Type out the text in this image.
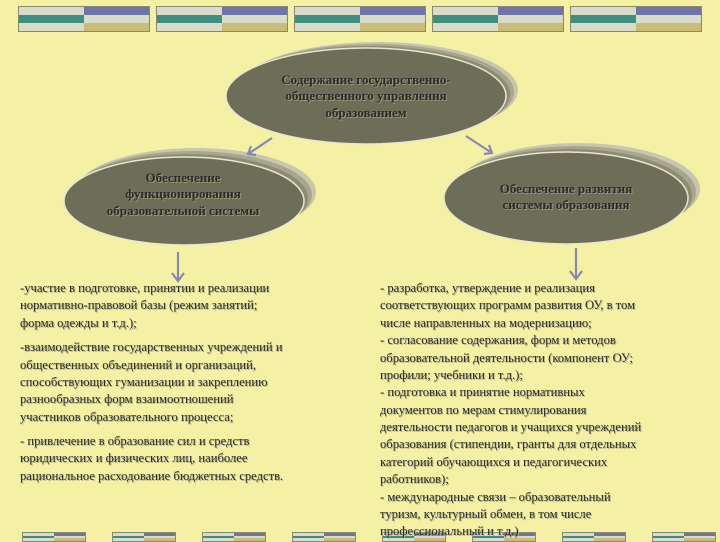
Содержание государственно-
общественного управления
образованием
Обеспечение
функционирования
образовательной системы
Обеспечение развития
системы образования

-участие в подготовке, принятии и реализации
нормативно-правовой базы (режим занятий;
форма одежды и т.д.);

-взаимодействие государственных учреждений и
общественных объединений и организаций,
способствующих гуманизации и закреплению
разнообразных форм взаимоотношений
участников образовательного процесса;

- привлечение в образование сил и средств
юридических и физических лиц, наиболее
рациональное расходование бюджетных средств.

- разработка, утверждение и реализация
соответствующих программ развития ОУ, в том
числе направленных на модернизацию;

- согласование содержания, форм и методов
образовательной деятельности (компонент ОУ;
профили; учебники и т.д.);

- подготовка и принятие нормативных
документов по мерам стимулирования
деятельности педагогов и учащихся учреждений
образования (стипендии, гранты для отдельных
категорий обучающихся и педагогических
работников);

- международные связи – образовательный
туризм, культурный обмен, в том числе
профессиональный и т.д.)
